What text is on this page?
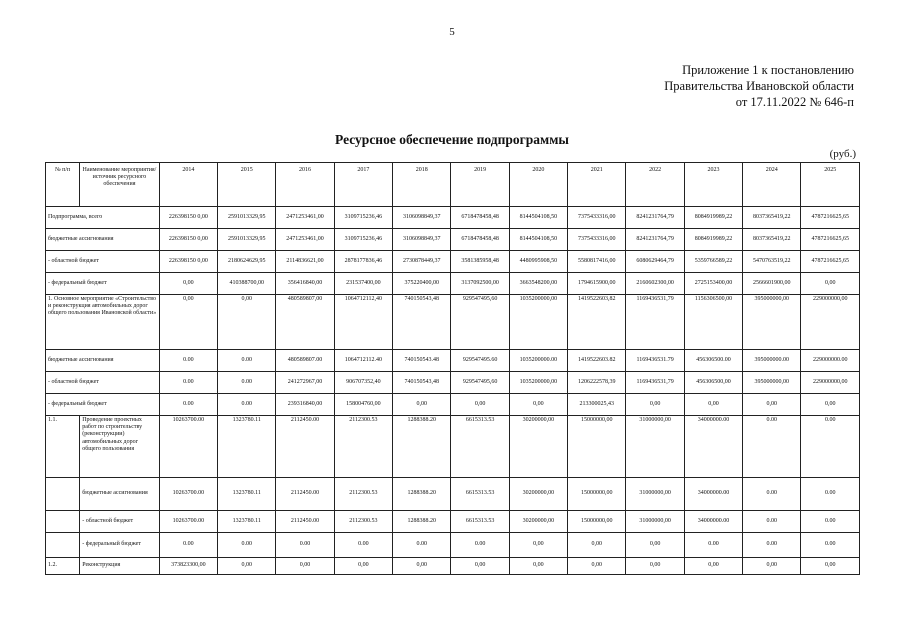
5
Приложение 1 к постановлению
Правительства Ивановской области
от 17.11.2022 № 646-п
Ресурсное обеспечение подпрограммы
(руб.)
№ п/п	Наименование мероприятия/источник ресурсного обеспечения	2014	2015	2016	2017	2018	2019	2020	2021	2022	2023	2024	2025
Подпрограмма, всего		226398150 0,00	2591013329,95	2471253461,00	3109715236,46	3106098849,37	6718478458,48	8144504108,50	7375433316,00	8241231764,79	8084919989,22	8037365419,22	4787216625,65
бюджетные ассигнования		226398150 0,00	2591013329,95	2471253461,00	3109715236,46	3106098849,37	6718478458,48	8144504108,50	7375433316,00	8241231764,79	8084919989,22	8037365419,22	4787216625,65
- областной бюджет		226398150 0,00	2180624629,95	2114836621,00	2878177836,46	2730878449,37	3581385958,48	4480995908,50	5580817416,00	6080629464,79	5359766589,22	5470763519,22	4787216625,65
- федеральный бюджет		0,00	410388700,00	356416840,00	231537400,00	375220400,00	3137092500,00	3663548200,00	1794615900,00	2160602300,00	2725153400,00	2566601900,00	0,00
1. Основное мероприятие «Строительство и реконструкция автомобильных дорог общего пользования Ивановской области»		0,00	0,00	480589807,00	1064712112,40	740150543,48	929547495,60	1035200000,00	1419522603,82	1169436531,79	1156306500,00	395000000,00	229000000,00
бюджетные ассигнования		0.00	0.00	480589807.00	1064712112.40	740150543.48	929547495.60	1035200000.00	1419522603.82	1169436531.79	456306500.00	395000000.00	229000000.00
- областной бюджет		0.00	0.00	241272967,00	906707352,40	740150543,48	929547495,60	1035200000,00	1206222578,39	1169436531,79	456306500,00	395000000,00	229000000,00
- федеральный бюджет		0.00	0.00	239316840,00	158004760,00	0,00	0,00	0,00	213300025,43	0,00	0,00	0,00	0,00
1.1.	Проведение проектных работ по строительству (реконструкции) автомобильных дорог общего пользования	10263700.00	1323780.11	2112450.00	2112300.53	1288388.20	6615313.53	30200000,00	15000000,00	31000000,00	34000000.00	0.00	0.00
	бюджетные ассигнования	10263700.00	1323780.11	2112450.00	2112300.53	1288388.20	6615313.53	30200000,00	15000000,00	31000000,00	34000000.00	0.00	0.00
	- областной бюджет	10263700.00	1323780.11	2112450.00	2112300.53	1288388.20	6615313.53	30200000,00	15000000,00	31000000,00	34000000.00	0.00	0.00
	- федеральный бюджет	0.00	0.00	0.00	0.00	0.00	0.00	0,00	0,00	0,00	0.00	0.00	0.00
1.2.	Реконструкция	373823300,00	0,00	0,00	0,00	0,00	0,00	0,00	0,00	0,00	0,00	0,00	0,00
